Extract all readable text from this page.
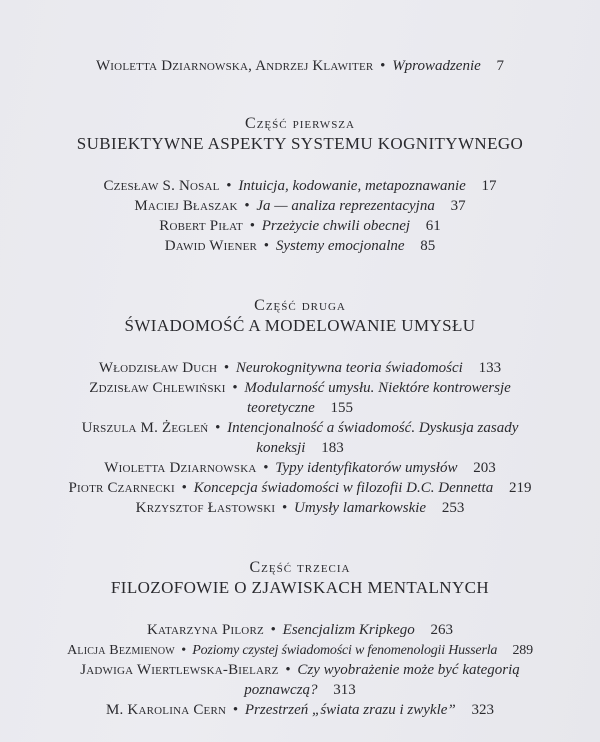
Wioletta Dziarnowska, Andrzej Klawiter • Wprowadzenie 7
Część pierwsza
SUBIEKTYWNE ASPEKTY SYSTEMU KOGNITYWNEGO
Czesław S. Nosal • Intuicja, kodowanie, metapoznawanie 17
Maciej Błaszak • Ja — analiza reprezentacyjna 37
Robert Piłat • Przeżycie chwili obecnej 61
Dawid Wiener • Systemy emocjonalne 85
Część druga
ŚWIADOMOŚĆ A MODELOWANIE UMYSŁU
Włodzisław Duch • Neurokognitywna teoria świadomości 133
Zdzisław Chlewiński • Modularność umysłu. Niektóre kontrowersje
teoretyczne 155
Urszula M. Żegleń • Intencjonalność a świadomość. Dyskusja zasady
koneksji 183
Wioletta Dziarnowska • Typy identyfikatorów umysłów 203
Piotr Czarnecki • Koncepcja świadomości w filozofii D.C. Dennetta 219
Krzysztof Łastowski • Umysły lamarkowskie 253
Część trzecia
FILOZOFOWIE O ZJAWISKACH MENTALNYCH
Katarzyna Pilorz • Esencjalizm Kripkego 263
Alicja Bezmienow • Poziomy czystej świadomości w fenomenologii Husserla 289
Jadwiga Wiertlewska-Bielarz • Czy wyobrażenie może być kategorią
poznawczą? 313
M. Karolina Cern • Przestrzeń „świata zrazu i zwykle” 323
